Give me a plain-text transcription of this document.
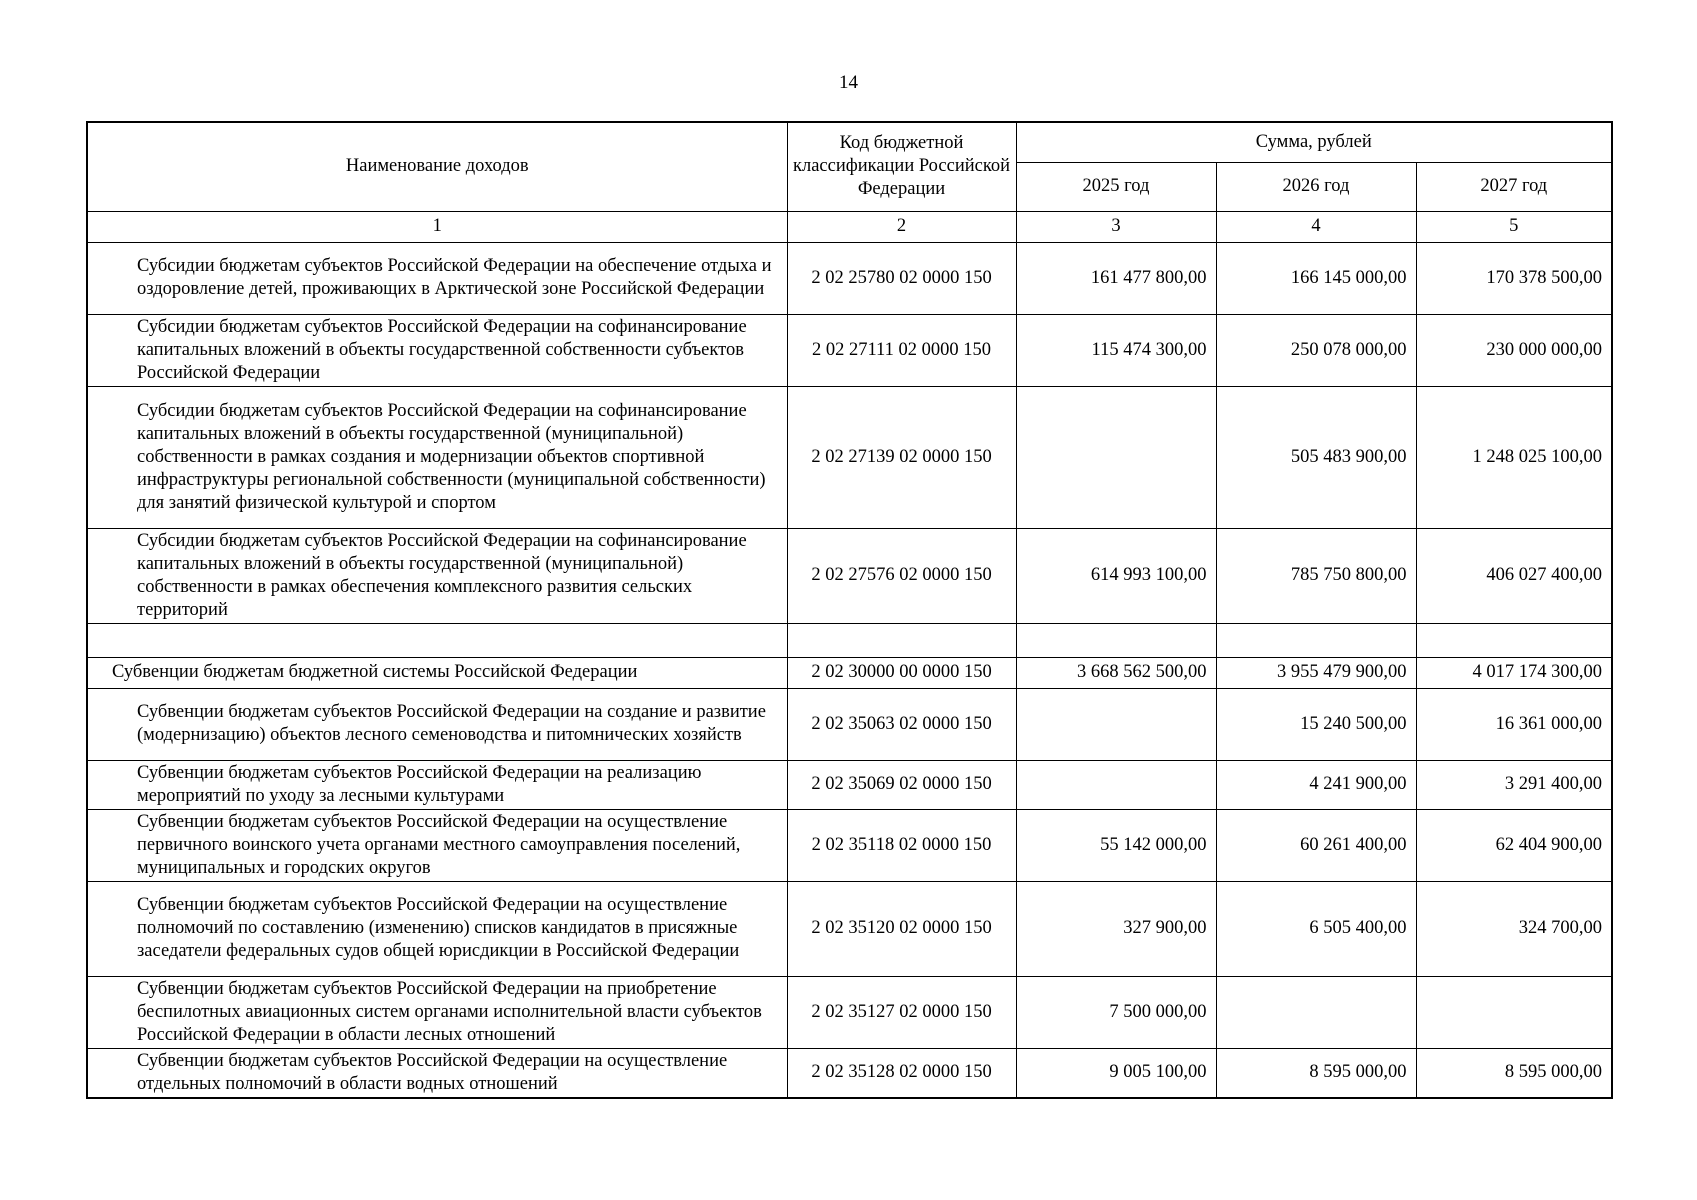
14
Наименование доходов	Код бюджетной классификации Российской Федерации	Сумма, рублей		
		2025 год	2026 год	2027 год
1	2	3	4	5
Субсидии бюджетам субъектов Российской Федерации на обеспечение отдыха и оздоровление детей, проживающих в Арктической зоне Российской Федерации	2 02 25780 02 0000 150	161 477 800,00	166 145 000,00	170 378 500,00
Субсидии бюджетам субъектов Российской Федерации на софинансирование капитальных вложений в объекты государственной собственности субъектов Российской Федерации	2 02 27111 02 0000 150	115 474 300,00	250 078 000,00	230 000 000,00
Субсидии бюджетам субъектов Российской Федерации на софинансирование капитальных вложений в объекты государственной (муниципальной) собственности в рамках создания и модернизации объектов спортивной инфраструктуры региональной собственности (муниципальной собственности) для занятий физической культурой и спортом	2 02 27139 02 0000 150		505 483 900,00	1 248 025 100,00
Субсидии бюджетам субъектов Российской Федерации на софинансирование капитальных вложений в объекты государственной (муниципальной) собственности в рамках обеспечения комплексного развития сельских территорий	2 02 27576 02 0000 150	614 993 100,00	785 750 800,00	406 027 400,00

Субвенции бюджетам бюджетной системы Российской Федерации	2 02 30000 00 0000 150	3 668 562 500,00	3 955 479 900,00	4 017 174 300,00
Субвенции бюджетам субъектов Российской Федерации на создание и развитие (модернизацию) объектов лесного семеноводства и питомнических хозяйств	2 02 35063 02 0000 150		15 240 500,00	16 361 000,00
Субвенции бюджетам субъектов Российской Федерации на реализацию мероприятий по уходу за лесными культурами	2 02 35069 02 0000 150		4 241 900,00	3 291 400,00
Субвенции бюджетам субъектов Российской Федерации на осуществление первичного воинского учета органами местного самоуправления поселений, муниципальных и городских округов	2 02 35118 02 0000 150	55 142 000,00	60 261 400,00	62 404 900,00
Субвенции бюджетам субъектов Российской Федерации на осуществление полномочий по составлению (изменению) списков кандидатов в присяжные заседатели федеральных судов общей юрисдикции в Российской Федерации	2 02 35120 02 0000 150	327 900,00	6 505 400,00	324 700,00
Субвенции бюджетам субъектов Российской Федерации на приобретение беспилотных авиационных систем органами исполнительной власти субъектов Российской Федерации в области лесных отношений	2 02 35127 02 0000 150	7 500 000,00		
Субвенции бюджетам субъектов Российской Федерации на осуществление отдельных полномочий в области водных отношений	2 02 35128 02 0000 150	9 005 100,00	8 595 000,00	8 595 000,00
